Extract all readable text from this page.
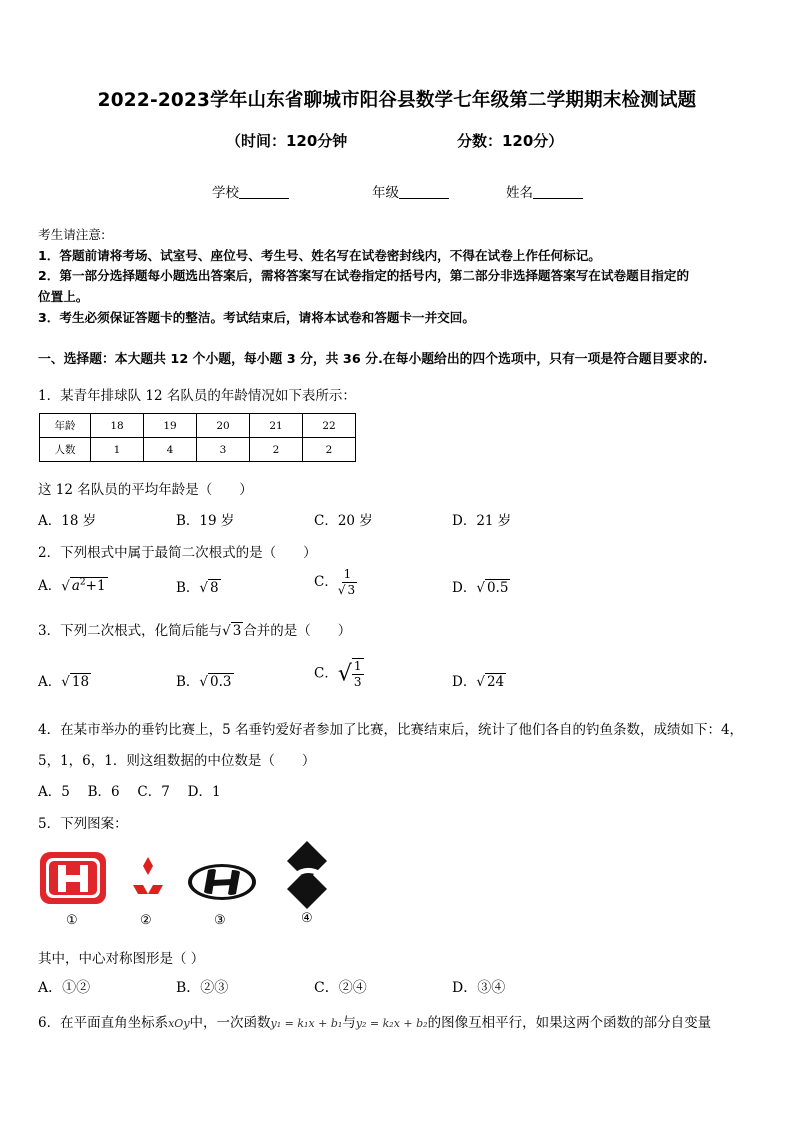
2022-2023学年山东省聊城市阳谷县数学七年级第二学期期末检测试题
（时间：120分钟	分数：120分）
学校	年级	姓名
考生请注意:
1．答题前请将考场、试室号、座位号、考生号、姓名写在试卷密封线内，不得在试卷上作任何标记。
2．第一部分选择题每小题选出答案后，需将答案写在试卷指定的括号内，第二部分非选择题答案写在试卷题目指定的
位置上。
3．考生必须保证答题卡的整洁。考试结束后，请将本试卷和答题卡一并交回。
一、选择题：本大题共 12 个小题，每小题 3 分，共 36 分.在每小题给出的四个选项中，只有一项是符合题目要求的.
1．某青年排球队 12 名队员的年龄情况如下表所示：
年龄	18	19	20	21	22
人数	1	4	3	2	2
这 12 名队员的平均年龄是（　　）
A．18 岁	B．19 岁	C．20 岁	D．21 岁
2．下列根式中属于最简二次根式的是（　　）
A．√ $a^2+1$	B．√ 8	C． $\frac{1}{√ 3}$	D．√ 0.5
3．下列二次根式，化简后能与√ 3 合并的是（　　）
A．√ 18	B．√ 0.3
C．√ $\frac{1}{3}$	D．√ 24
4．在某市举办的垂钓比赛上，5 名垂钓爱好者参加了比赛，比赛结束后，统计了他们各自的钓鱼条数，成绩如下：4，
5，1，6，1．则这组数据的中位数是（　　）
A．5　 B．6　 C．7　 D．1
5．下列图案：
①	②	③	④
其中，中心对称图形是（ ）
A．①②	B．②③	C．②④	D．③④
6．在平面直角坐标系xOy中，一次函数y₁ = k₁x + b₁与y₂ = k₂x + b₂的图像互相平行，如果这两个函数的部分自变量
